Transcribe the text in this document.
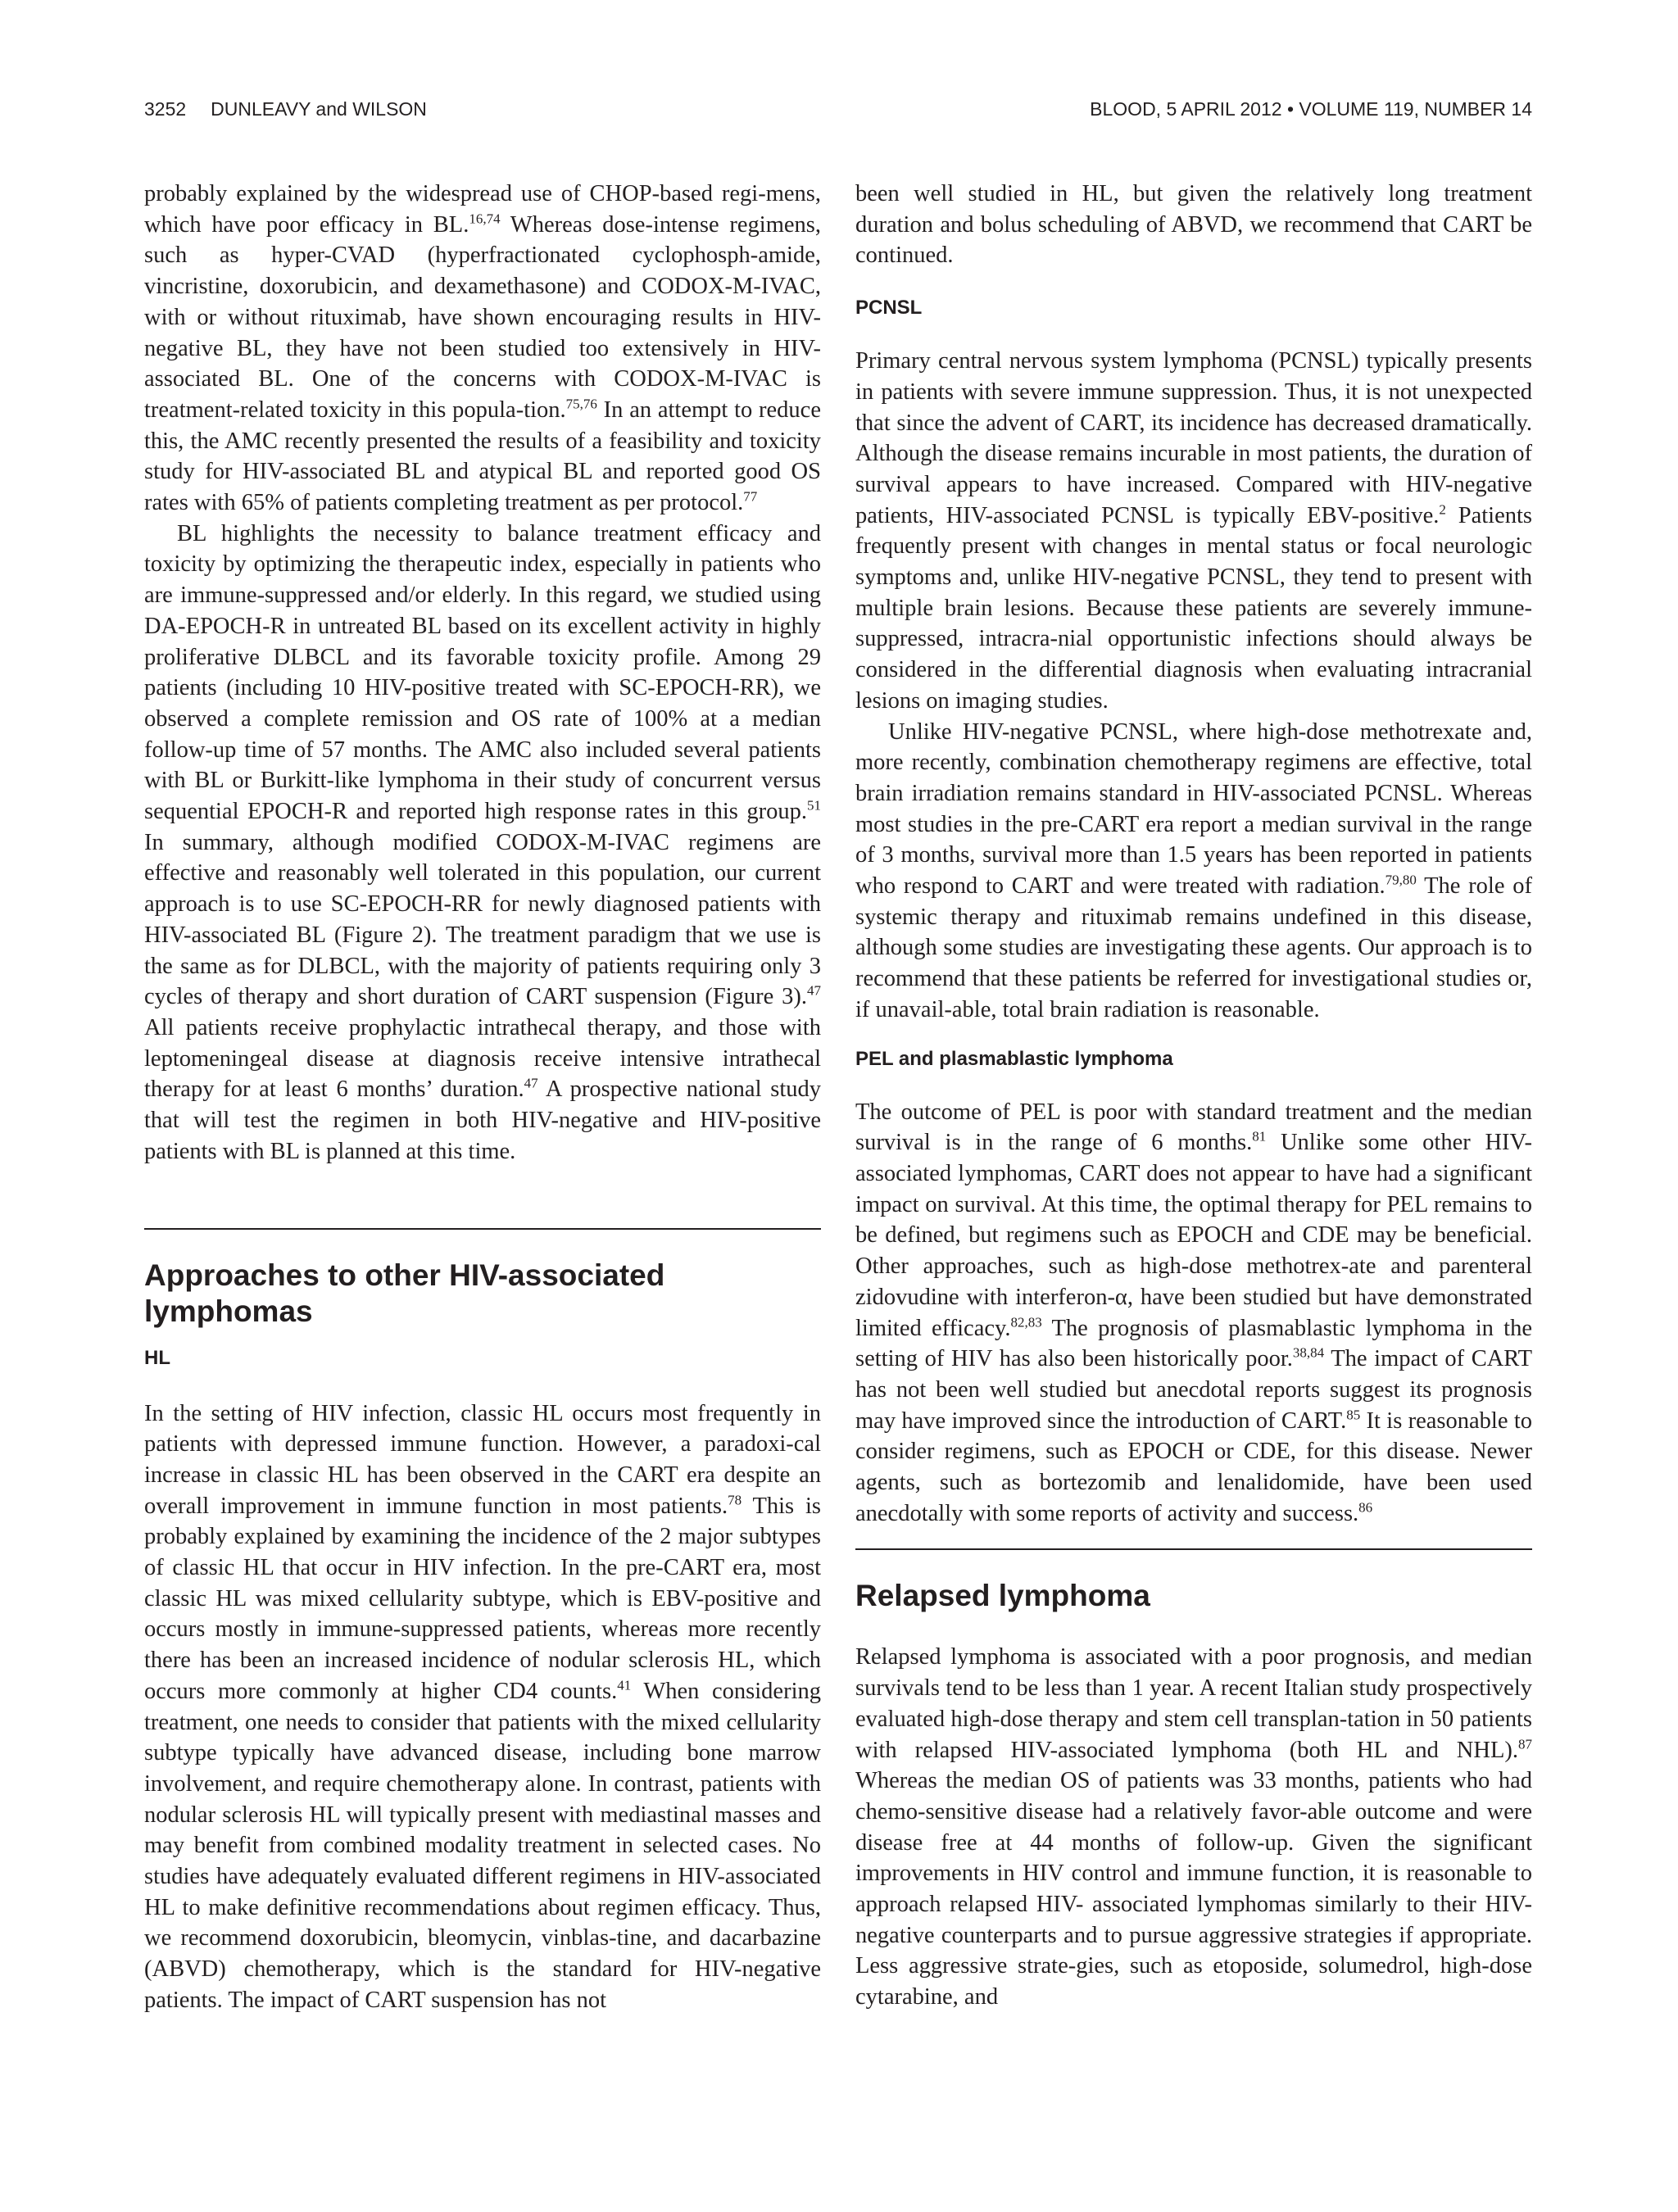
3252 DUNLEAVY and WILSON	BLOOD, 5 APRIL 2012 • VOLUME 119, NUMBER 14

probably explained by the widespread use of CHOP-based regi-mens, which have poor efficacy in BL.$^{16,74}$ Whereas dose-intense regimens, such as hyper-CVAD (hyperfractionated cyclophosph-amide, vincristine, doxorubicin, and dexamethasone) and CODOX-M-IVAC, with or without rituximab, have shown encouraging results in HIV-negative BL, they have not been studied too extensively in HIV-associated BL. One of the concerns with CODOX-M-IVAC is treatment-related toxicity in this popula-tion.$^{75,76}$ In an attempt to reduce this, the AMC recently presented the results of a feasibility and toxicity study for HIV-associated BL and atypical BL and reported good OS rates with 65% of patients completing treatment as per protocol.$^{77}$

BL highlights the necessity to balance treatment efficacy and toxicity by optimizing the therapeutic index, especially in patients who are immune-suppressed and/or elderly. In this regard, we studied using DA-EPOCH-R in untreated BL based on its excellent activity in highly proliferative DLBCL and its favorable toxicity profile. Among 29 patients (including 10 HIV-positive treated with SC-EPOCH-RR), we observed a complete remission and OS rate of 100% at a median follow-up time of 57 months. The AMC also included several patients with BL or Burkitt-like lymphoma in their study of concurrent versus sequential EPOCH-R and reported high response rates in this group.$^{51}$ In summary, although modified CODOX-M-IVAC regimens are effective and reasonably well tolerated in this population, our current approach is to use SC-EPOCH-RR for newly diagnosed patients with HIV-associated BL (Figure 2). The treatment paradigm that we use is the same as for DLBCL, with the majority of patients requiring only 3 cycles of therapy and short duration of CART suspension (Figure 3).$^{47}$ All patients receive prophylactic intrathecal therapy, and those with leptomeningeal disease at diagnosis receive intensive intrathecal therapy for at least 6 months’ duration.$^{47}$ A prospective national study that will test the regimen in both HIV-negative and HIV-positive patients with BL is planned at this time.

Approaches to other HIV-associated lymphomas
HL

In the setting of HIV infection, classic HL occurs most frequently in patients with depressed immune function. However, a paradoxi-cal increase in classic HL has been observed in the CART era despite an overall improvement in immune function in most patients.$^{78}$ This is probably explained by examining the incidence of the 2 major subtypes of classic HL that occur in HIV infection. In the pre-CART era, most classic HL was mixed cellularity subtype, which is EBV-positive and occurs mostly in immune-suppressed patients, whereas more recently there has been an increased incidence of nodular sclerosis HL, which occurs more commonly at higher CD4 counts.$^{41}$ When considering treatment, one needs to consider that patients with the mixed cellularity subtype typically have advanced disease, including bone marrow involvement, and require chemotherapy alone. In contrast, patients with nodular sclerosis HL will typically present with mediastinal masses and may benefit from combined modality treatment in selected cases. No studies have adequately evaluated different regimens in HIV-associated HL to make definitive recommendations about regimen efficacy. Thus, we recommend doxorubicin, bleomycin, vinblas-tine, and dacarbazine (ABVD) chemotherapy, which is the standard for HIV-negative patients. The impact of CART suspension has not

been well studied in HL, but given the relatively long treatment duration and bolus scheduling of ABVD, we recommend that CART be continued.

PCNSL

Primary central nervous system lymphoma (PCNSL) typically presents in patients with severe immune suppression. Thus, it is not unexpected that since the advent of CART, its incidence has decreased dramatically. Although the disease remains incurable in most patients, the duration of survival appears to have increased. Compared with HIV-negative patients, HIV-associated PCNSL is typically EBV-positive.$^2$ Patients frequently present with changes in mental status or focal neurologic symptoms and, unlike HIV-negative PCNSL, they tend to present with multiple brain lesions. Because these patients are severely immune-suppressed, intracra-nial opportunistic infections should always be considered in the differential diagnosis when evaluating intracranial lesions on imaging studies.

Unlike HIV-negative PCNSL, where high-dose methotrexate and, more recently, combination chemotherapy regimens are effective, total brain irradiation remains standard in HIV-associated PCNSL. Whereas most studies in the pre-CART era report a median survival in the range of 3 months, survival more than 1.5 years has been reported in patients who respond to CART and were treated with radiation.$^{79,80}$ The role of systemic therapy and rituximab remains undefined in this disease, although some studies are investigating these agents. Our approach is to recommend that these patients be referred for investigational studies or, if unavail-able, total brain radiation is reasonable.

PEL and plasmablastic lymphoma

The outcome of PEL is poor with standard treatment and the median survival is in the range of 6 months.$^{81}$ Unlike some other HIV-associated lymphomas, CART does not appear to have had a significant impact on survival. At this time, the optimal therapy for PEL remains to be defined, but regimens such as EPOCH and CDE may be beneficial. Other approaches, such as high-dose methotrex-ate and parenteral zidovudine with interferon-α, have been studied but have demonstrated limited efficacy.$^{82,83}$ The prognosis of plasmablastic lymphoma in the setting of HIV has also been historically poor.$^{38,84}$ The impact of CART has not been well studied but anecdotal reports suggest its prognosis may have improved since the introduction of CART.$^{85}$ It is reasonable to consider regimens, such as EPOCH or CDE, for this disease. Newer agents, such as bortezomib and lenalidomide, have been used anecdotally with some reports of activity and success.$^{86}$

Relapsed lymphoma

Relapsed lymphoma is associated with a poor prognosis, and median survivals tend to be less than 1 year. A recent Italian study prospectively evaluated high-dose therapy and stem cell transplan-tation in 50 patients with relapsed HIV-associated lymphoma (both HL and NHL).$^{87}$ Whereas the median OS of patients was 33 months, patients who had chemo-sensitive disease had a relatively favor-able outcome and were disease free at 44 months of follow-up. Given the significant improvements in HIV control and immune function, it is reasonable to approach relapsed HIV- associated lymphomas similarly to their HIV-negative counterparts and to pursue aggressive strategies if appropriate. Less aggressive strate-gies, such as etoposide, solumedrol, high-dose cytarabine, and
